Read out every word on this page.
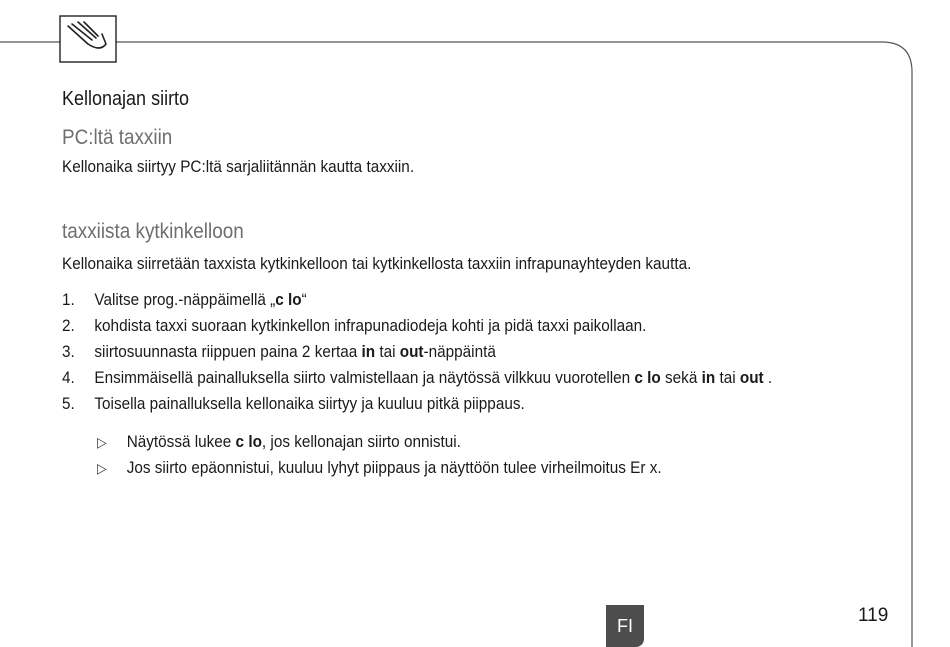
Kellonajan siirto
PC:ltä taxxiin
Kellonaika siirtyy PC:ltä sarjaliitännän kautta taxxiin.
taxxiista kytkinkelloon
Kellonaika siirretään taxxista kytkinkelloon tai kytkinkellosta taxxiin infrapunayhteyden kautta.
1.	Valitse prog.-näppäimellä „c lo“
2.	kohdista taxxi suoraan kytkinkellon infrapunadiodeja kohti ja pidä taxxi paikollaan.
3.	siirtosuunnasta riippuen paina 2 kertaa in tai out-näppäintä
4.	Ensimmäisellä painalluksella siirto valmistellaan ja näytössä vilkkuu vuorotellen c lo sekä in tai out .
5.	Toisella painalluksella kellonaika siirtyy ja kuuluu pitkä piippaus.
▷	Näytössä lukee c lo, jos kellonajan siirto onnistui.
▷	Jos siirto epäonnistui, kuuluu lyhyt piippaus ja näyttöön tulee virheilmoitus Er x.
FI	119
